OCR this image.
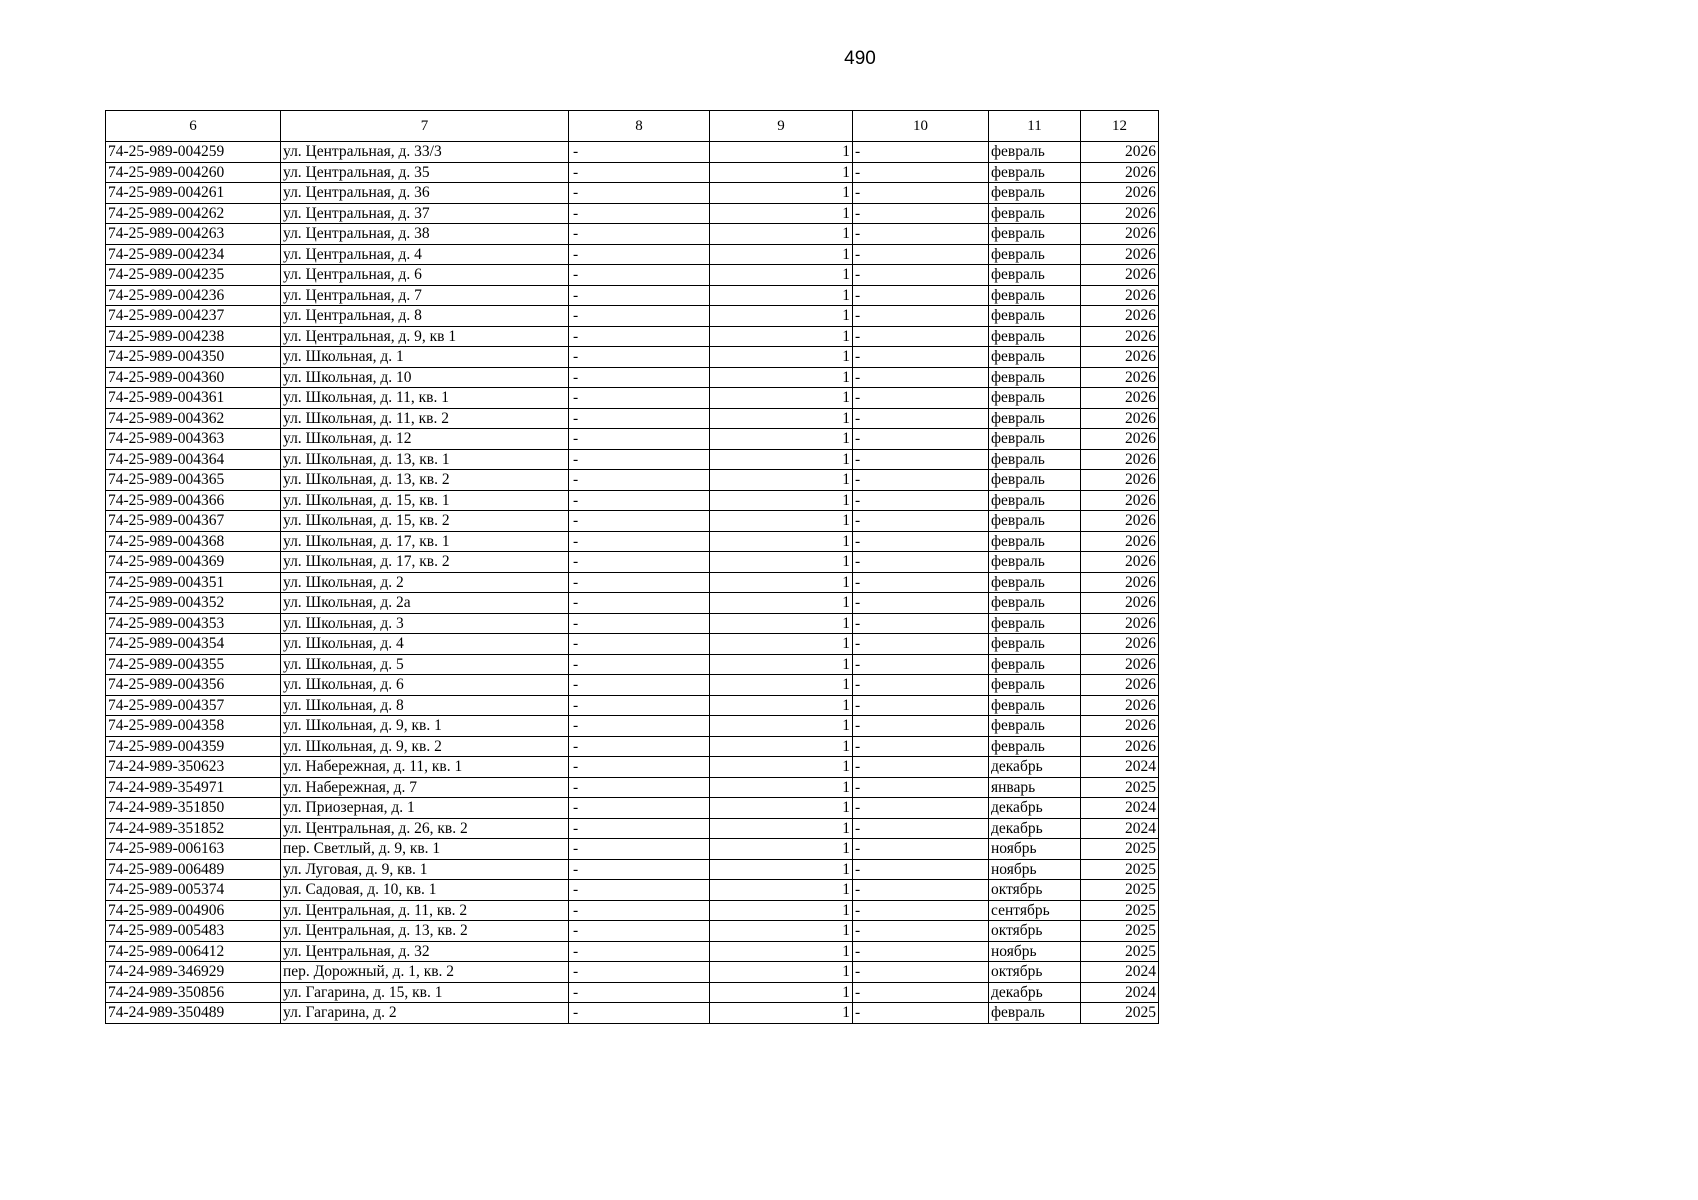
490
6	7	8	9	10	11	12
74-25-989-004259	ул. Центральная, д. 33/3	-	1	-	февраль	2026
74-25-989-004260	ул. Центральная, д. 35	-	1	-	февраль	2026
74-25-989-004261	ул. Центральная, д. 36	-	1	-	февраль	2026
74-25-989-004262	ул. Центральная, д. 37	-	1	-	февраль	2026
74-25-989-004263	ул. Центральная, д. 38	-	1	-	февраль	2026
74-25-989-004234	ул. Центральная, д. 4	-	1	-	февраль	2026
74-25-989-004235	ул. Центральная, д. 6	-	1	-	февраль	2026
74-25-989-004236	ул. Центральная, д. 7	-	1	-	февраль	2026
74-25-989-004237	ул. Центральная, д. 8	-	1	-	февраль	2026
74-25-989-004238	ул. Центральная, д. 9, кв 1	-	1	-	февраль	2026
74-25-989-004350	ул. Школьная, д. 1	-	1	-	февраль	2026
74-25-989-004360	ул. Школьная, д. 10	-	1	-	февраль	2026
74-25-989-004361	ул. Школьная, д. 11, кв. 1	-	1	-	февраль	2026
74-25-989-004362	ул. Школьная, д. 11, кв. 2	-	1	-	февраль	2026
74-25-989-004363	ул. Школьная, д. 12	-	1	-	февраль	2026
74-25-989-004364	ул. Школьная, д. 13, кв. 1	-	1	-	февраль	2026
74-25-989-004365	ул. Школьная, д. 13, кв. 2	-	1	-	февраль	2026
74-25-989-004366	ул. Школьная, д. 15, кв. 1	-	1	-	февраль	2026
74-25-989-004367	ул. Школьная, д. 15, кв. 2	-	1	-	февраль	2026
74-25-989-004368	ул. Школьная, д. 17, кв. 1	-	1	-	февраль	2026
74-25-989-004369	ул. Школьная, д. 17, кв. 2	-	1	-	февраль	2026
74-25-989-004351	ул. Школьная, д. 2	-	1	-	февраль	2026
74-25-989-004352	ул. Школьная, д. 2а	-	1	-	февраль	2026
74-25-989-004353	ул. Школьная, д. 3	-	1	-	февраль	2026
74-25-989-004354	ул. Школьная, д. 4	-	1	-	февраль	2026
74-25-989-004355	ул. Школьная, д. 5	-	1	-	февраль	2026
74-25-989-004356	ул. Школьная, д. 6	-	1	-	февраль	2026
74-25-989-004357	ул. Школьная, д. 8	-	1	-	февраль	2026
74-25-989-004358	ул. Школьная, д. 9, кв. 1	-	1	-	февраль	2026
74-25-989-004359	ул. Школьная, д. 9, кв. 2	-	1	-	февраль	2026
74-24-989-350623	ул. Набережная, д. 11, кв. 1	-	1	-	декабрь	2024
74-24-989-354971	ул. Набережная, д. 7	-	1	-	январь	2025
74-24-989-351850	ул. Приозерная, д. 1	-	1	-	декабрь	2024
74-24-989-351852	ул. Центральная, д. 26, кв. 2	-	1	-	декабрь	2024
74-25-989-006163	пер. Светлый, д. 9, кв. 1	-	1	-	ноябрь	2025
74-25-989-006489	ул. Луговая, д. 9, кв. 1	-	1	-	ноябрь	2025
74-25-989-005374	ул. Садовая, д. 10, кв. 1	-	1	-	октябрь	2025
74-25-989-004906	ул. Центральная, д. 11, кв. 2	-	1	-	сентябрь	2025
74-25-989-005483	ул. Центральная, д. 13, кв. 2	-	1	-	октябрь	2025
74-25-989-006412	ул. Центральная, д. 32	-	1	-	ноябрь	2025
74-24-989-346929	пер. Дорожный, д. 1, кв. 2	-	1	-	октябрь	2024
74-24-989-350856	ул. Гагарина, д. 15, кв. 1	-	1	-	декабрь	2024
74-24-989-350489	ул. Гагарина, д. 2	-	1	-	февраль	2025
